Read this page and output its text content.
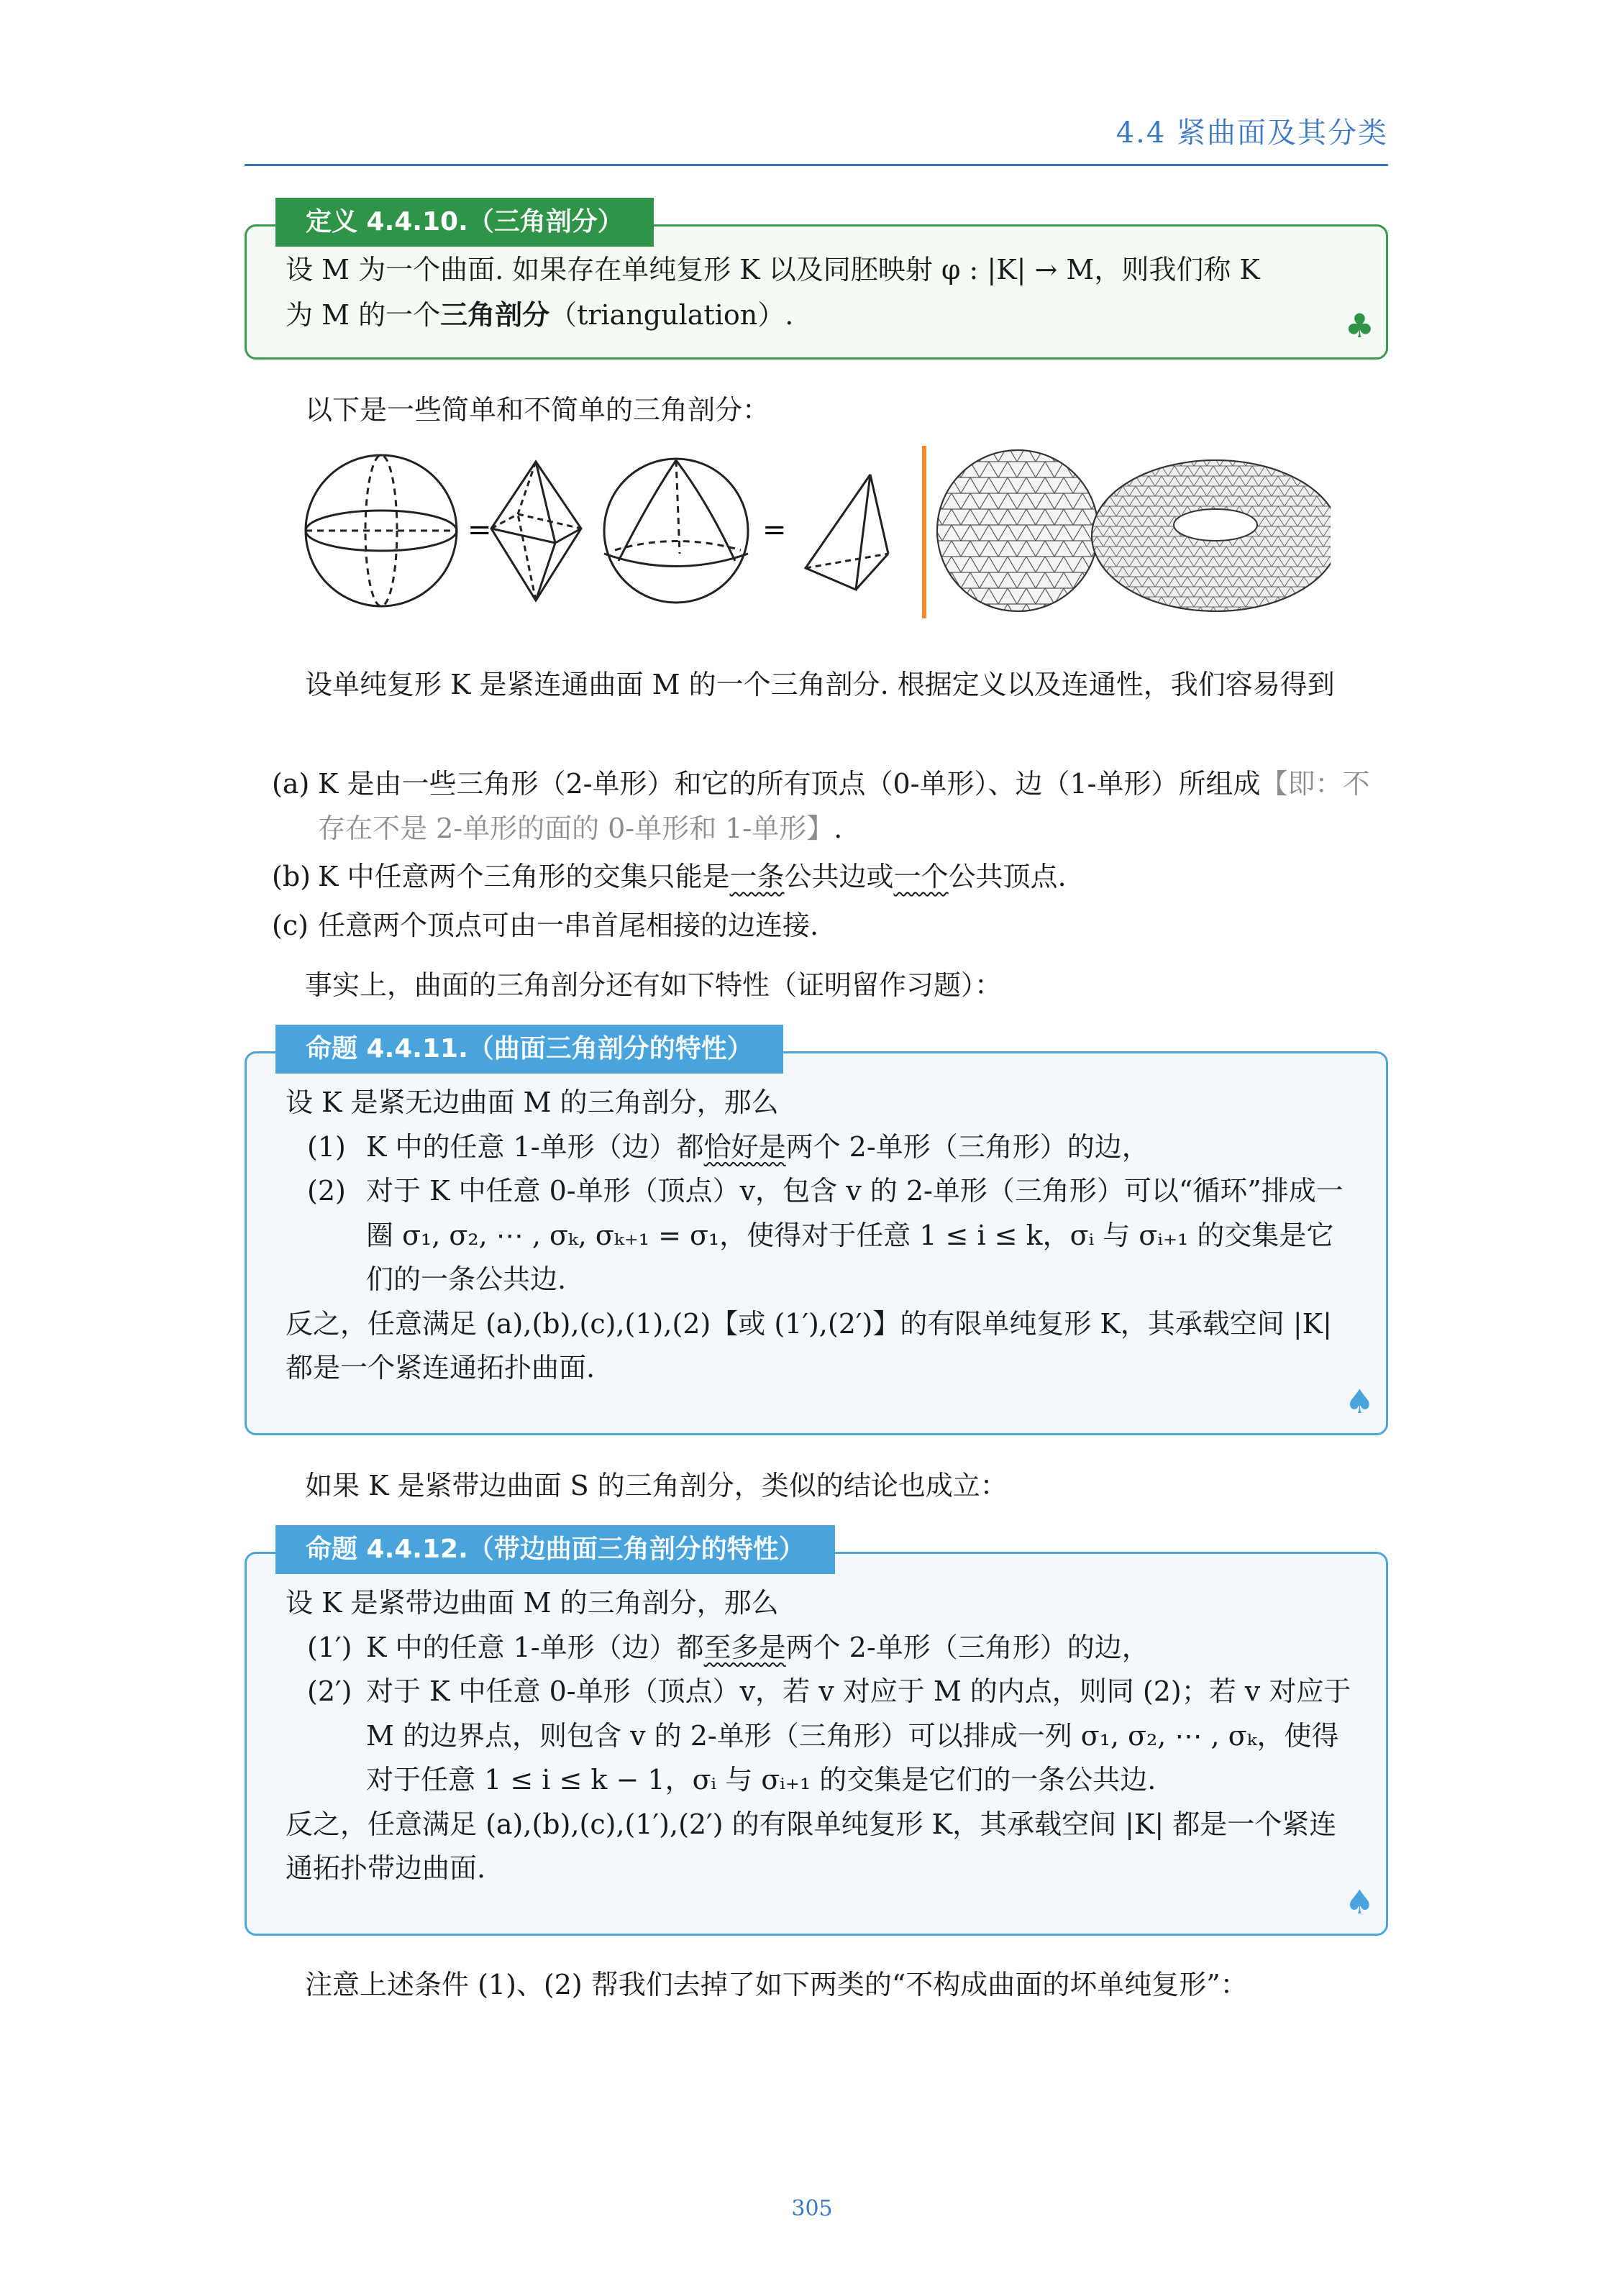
4.4 紧曲面及其分类
定义 4.4.10.（三角剖分）

设 M 为一个曲面. 如果存在单纯复形 K 以及同胚映射 φ : |K| → M，则我们称 K

为 M 的一个三角剖分（triangulation）.	♣

以下是一些简单和不简单的三角剖分：

=	=

设单纯复形 K 是紧连通曲面 M 的一个三角剖分. 根据定义以及连通性，我们容易得到

(a) K 是由一些三角形（2-单形）和它的所有顶点（0-单形）、边（1-单形）所组成【即：不存在不是 2-单形的面的 0-单形和 1-单形】.
(b) K 中任意两个三角形的交集只能是一条公共边或一个公共顶点.
(c) 任意两个顶点可由一串首尾相接的边连接.

事实上，曲面的三角剖分还有如下特性（证明留作习题）：

命题 4.4.11.（曲面三角剖分的特性）

设 K 是紧无边曲面 M 的三角剖分，那么

(1) K 中的任意 1-单形（边）都恰好是两个 2-单形（三角形）的边，

(2) 对于 K 中任意 0-单形（顶点）v，包含 v 的 2-单形（三角形）可以“循环”排成一圈 σ₁, σ₂, ⋯ , σₖ, σₖ₊₁ = σ₁，使得对于任意 1 ≤ i ≤ k，σᵢ 与 σᵢ₊₁ 的交集是它们的一条公共边.

反之，任意满足 (a),(b),(c),(1),(2)【或 (1′),(2′)】的有限单纯复形 K，其承载空间 |K| 都是一个紧连通拓扑曲面.

♠

如果 K 是紧带边曲面 S 的三角剖分，类似的结论也成立：

命题 4.4.12.（带边曲面三角剖分的特性）

设 K 是紧带边曲面 M 的三角剖分，那么

(1′) K 中的任意 1-单形（边）都至多是两个 2-单形（三角形）的边，

(2′) 对于 K 中任意 0-单形（顶点）v，若 v 对应于 M 的内点，则同 (2)；若 v 对应于 M 的边界点，则包含 v 的 2-单形（三角形）可以排成一列 σ₁, σ₂, ⋯ , σₖ，使得对于任意 1 ≤ i ≤ k − 1，σᵢ 与 σᵢ₊₁ 的交集是它们的一条公共边.

反之，任意满足 (a),(b),(c),(1′),(2′) 的有限单纯复形 K，其承载空间 |K| 都是一个紧连通拓扑带边曲面.

♠

注意上述条件 (1)、(2) 帮我们去掉了如下两类的“不构成曲面的坏单纯复形”：

305
